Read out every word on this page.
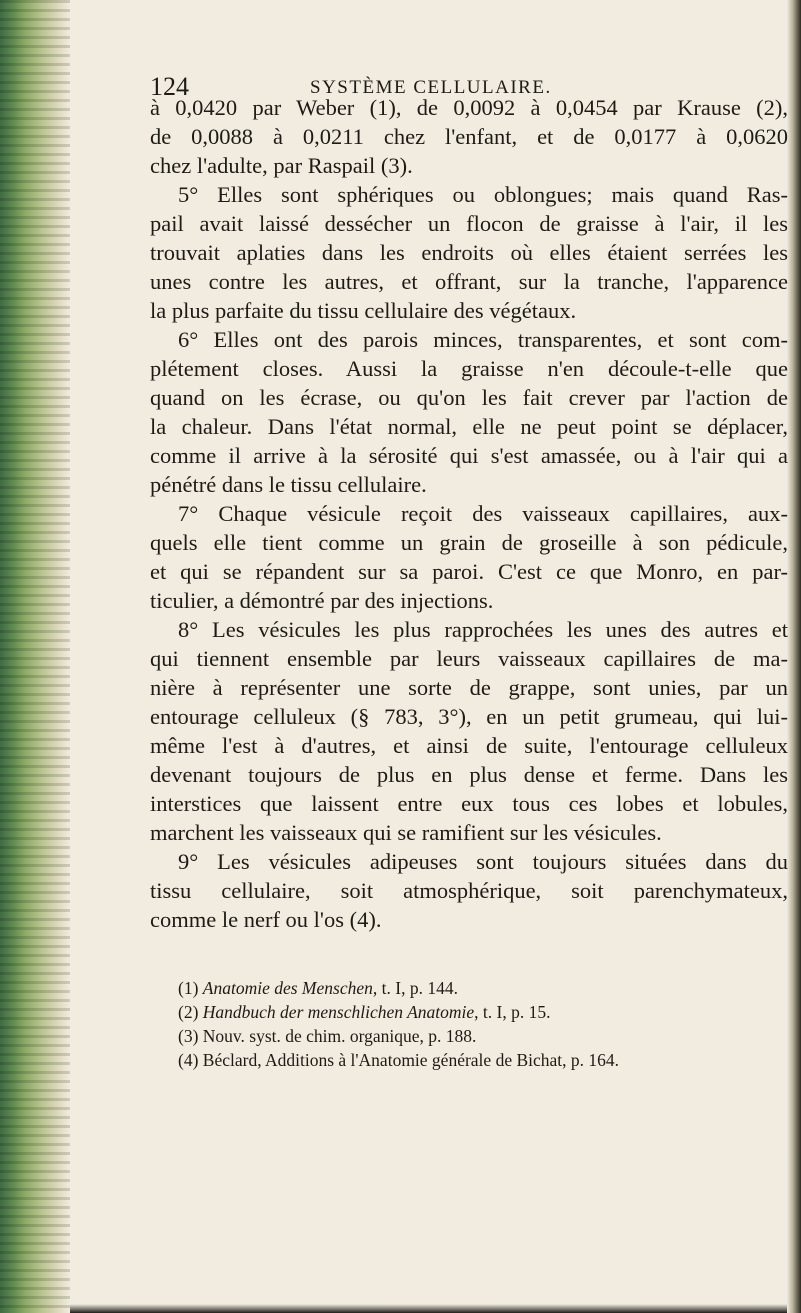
124	SYSTÈME CELLULAIRE.
à 0,0420 par Weber (1), de 0,0092 à 0,0454 par Krause (2),
de 0,0088 à 0,0211 chez l'enfant, et de 0,0177 à 0,0620
chez l'adulte, par Raspail (3).
5° Elles sont sphériques ou oblongues; mais quand Ras-
pail avait laissé dessécher un flocon de graisse à l'air, il les
trouvait aplaties dans les endroits où elles étaient serrées les
unes contre les autres, et offrant, sur la tranche, l'apparence
la plus parfaite du tissu cellulaire des végétaux.
6° Elles ont des parois minces, transparentes, et sont com-
plétement closes. Aussi la graisse n'en découle-t-elle que
quand on les écrase, ou qu'on les fait crever par l'action de
la chaleur. Dans l'état normal, elle ne peut point se déplacer,
comme il arrive à la sérosité qui s'est amassée, ou à l'air qui a
pénétré dans le tissu cellulaire.
7° Chaque vésicule reçoit des vaisseaux capillaires, aux-
quels elle tient comme un grain de groseille à son pédicule,
et qui se répandent sur sa paroi. C'est ce que Monro, en par-
ticulier, a démontré par des injections.
8° Les vésicules les plus rapprochées les unes des autres et
qui tiennent ensemble par leurs vaisseaux capillaires de ma-
nière à représenter une sorte de grappe, sont unies, par un
entourage celluleux (§ 783, 3°), en un petit grumeau, qui lui-
même l'est à d'autres, et ainsi de suite, l'entourage celluleux
devenant toujours de plus en plus dense et ferme. Dans les
interstices que laissent entre eux tous ces lobes et lobules,
marchent les vaisseaux qui se ramifient sur les vésicules.
9° Les vésicules adipeuses sont toujours situées dans du
tissu cellulaire, soit atmosphérique, soit parenchymateux,
comme le nerf ou l'os (4).
(1) Anatomie des Menschen, t. I, p. 144.
(2) Handbuch der menschlichen Anatomie, t. I, p. 15.
(3) Nouv. syst. de chim. organique, p. 188.
(4) Béclard, Additions à l'Anatomie générale de Bichat, p. 164.
